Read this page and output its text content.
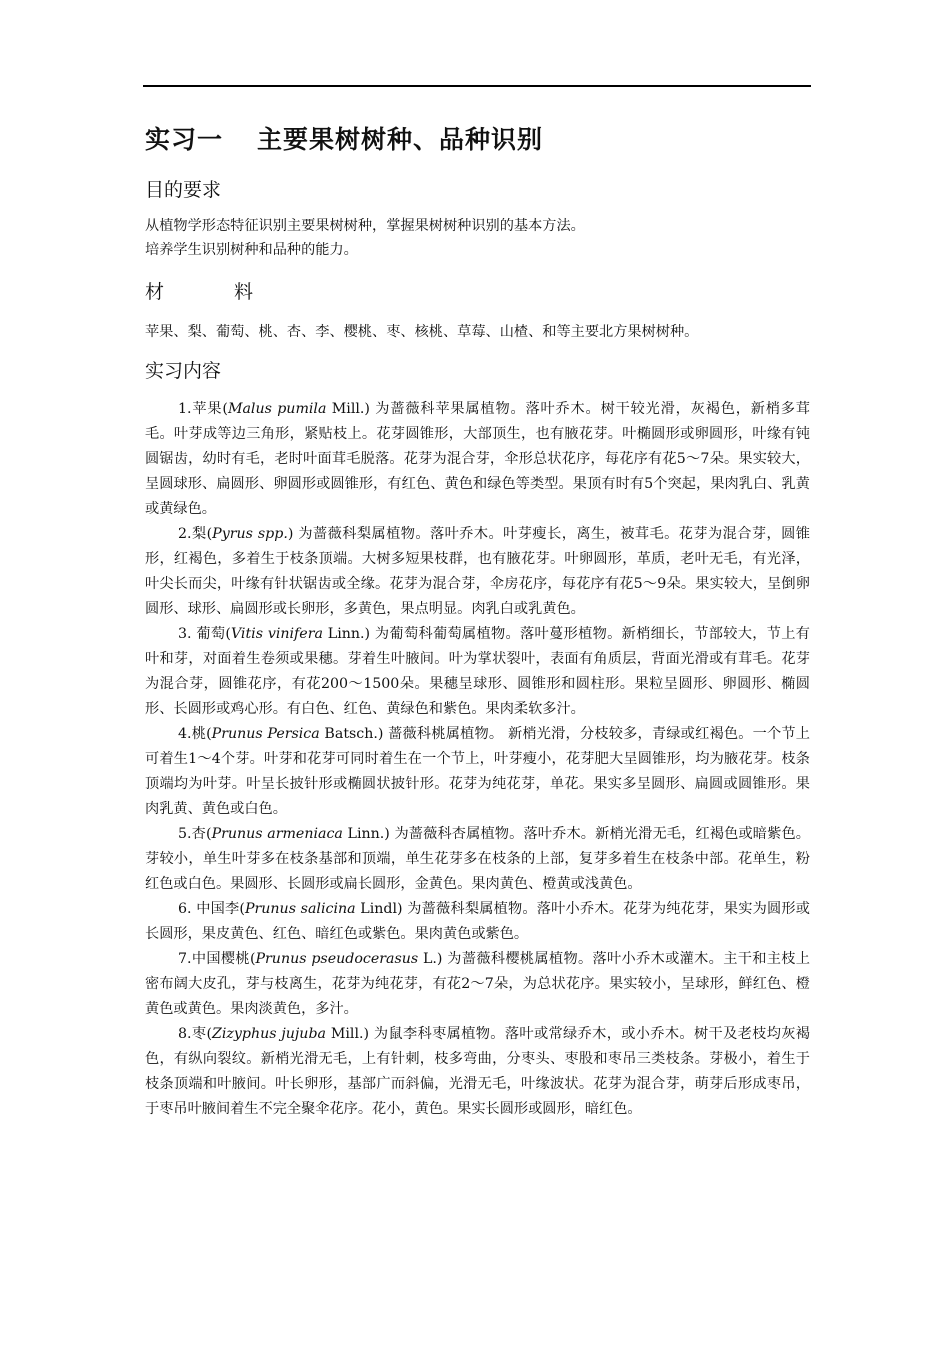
实习一 主要果树树种、品种识别
目的要求

从植物学形态特征识别主要果树树种，掌握果树树种识别的基本方法。

培养学生识别树种和品种的能力。

材 料

苹果、梨、葡萄、桃、杏、李、樱桃、枣、核桃、草莓、山楂、和等主要北方果树树种。

实习内容

1.苹果(Malus pumila Mill.) 为蔷薇科苹果属植物。落叶乔木。树干较光滑，灰褐色，新梢多茸毛。叶芽成等边三角形，紧贴枝上。花芽圆锥形，大部顶生，也有腋花芽。叶椭圆形或卵圆形，叶缘有钝圆锯齿，幼时有毛，老时叶面茸毛脱落。花芽为混合芽，伞形总状花序，每花序有花5～7朵。果实较大，呈圆球形、扁圆形、卵圆形或圆锥形，有红色、黄色和绿色等类型。果顶有时有5个突起，果肉乳白、乳黄或黄绿色。

2.梨(Pyrus spp.) 为蔷薇科梨属植物。落叶乔木。叶芽瘦长，离生，被茸毛。花芽为混合芽，圆锥形，红褐色，多着生于枝条顶端。大树多短果枝群，也有腋花芽。叶卵圆形，革质，老叶无毛，有光泽，叶尖长而尖，叶缘有针状锯齿或全缘。花芽为混合芽，伞房花序，每花序有花5～9朵。果实较大，呈倒卵圆形、球形、扁圆形或长卵形，多黄色，果点明显。肉乳白或乳黄色。

3. 葡萄(Vitis vinifera Linn.) 为葡萄科葡萄属植物。落叶蔓形植物。新梢细长，节部较大，节上有叶和芽，对面着生卷须或果穗。芽着生叶腋间。叶为掌状裂叶，表面有角质层，背面光滑或有茸毛。花芽为混合芽，圆锥花序，有花200～1500朵。果穗呈球形、圆锥形和圆柱形。果粒呈圆形、卵圆形、椭圆形、长圆形或鸡心形。有白色、红色、黄绿色和紫色。果肉柔软多汁。

4.桃(Prunus Persica Batsch.) 蔷薇科桃属植物。 新梢光滑，分枝较多，青绿或红褐色。一个节上可着生1～4个芽。叶芽和花芽可同时着生在一个节上，叶芽瘦小，花芽肥大呈圆锥形，均为腋花芽。枝条顶端均为叶芽。叶呈长披针形或椭圆状披针形。花芽为纯花芽，单花。果实多呈圆形、扁圆或圆锥形。果肉乳黄、黄色或白色。

5.杏(Prunus armeniaca Linn.) 为蔷薇科杏属植物。落叶乔木。新梢光滑无毛，红褐色或暗紫色。芽较小，单生叶芽多在枝条基部和顶端，单生花芽多在枝条的上部，复芽多着生在枝条中部。花单生，粉红色或白色。果圆形、长圆形或扁长圆形，金黄色。果肉黄色、橙黄或浅黄色。

6. 中国李(Prunus salicina Lindl) 为蔷薇科梨属植物。落叶小乔木。花芽为纯花芽，果实为圆形或长圆形，果皮黄色、红色、暗红色或紫色。果肉黄色或紫色。

7.中国樱桃(Prunus pseudocerasus L.) 为蔷薇科樱桃属植物。落叶小乔木或灌木。主干和主枝上密布阔大皮孔，芽与枝离生，花芽为纯花芽，有花2～7朵，为总状花序。果实较小，呈球形，鲜红色、橙黄色或黄色。果肉淡黄色，多汁。

8.枣(Zizyphus jujuba Mill.) 为鼠李科枣属植物。落叶或常绿乔木，或小乔木。树干及老枝均灰褐色，有纵向裂纹。新梢光滑无毛，上有针刺，枝多弯曲，分枣头、枣股和枣吊三类枝条。芽极小，着生于枝条顶端和叶腋间。叶长卵形，基部广而斜偏，光滑无毛，叶缘波状。花芽为混合芽，萌芽后形成枣吊，于枣吊叶腋间着生不完全聚伞花序。花小，黄色。果实长圆形或圆形，暗红色。
